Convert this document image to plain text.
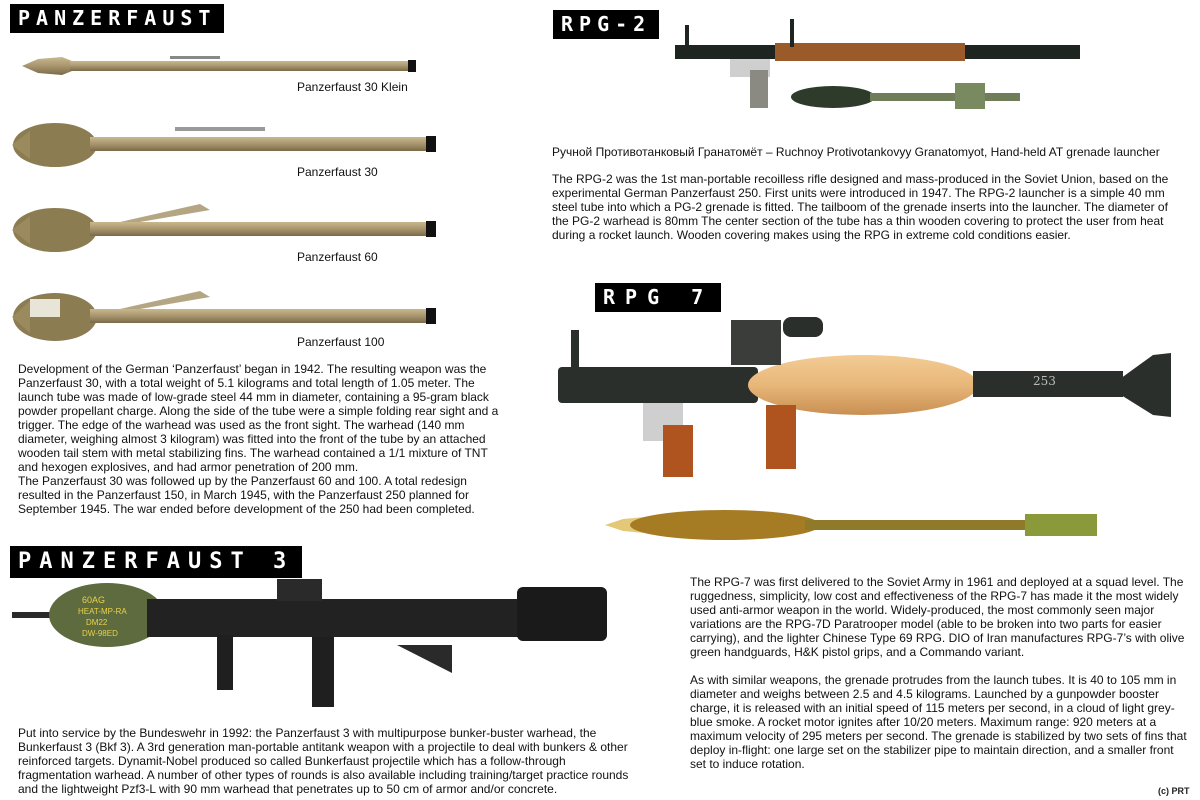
PANZERFAUST
Panzerfaust 30 Klein
Panzerfaust 30
Panzerfaust 60
Panzerfaust 100

Development of the German ‘Panzerfaust’ began in 1942. The resulting weapon was the Panzerfaust 30, with a total weight of 5.1 kilograms and total length of 1.05 meter. The launch tube was made of low-grade steel 44 mm in diameter, containing a 95-gram black powder propellant charge. Along the side of the tube were a simple folding rear sight and a trigger. The edge of the warhead was used as the front sight. The warhead (140 mm diameter, weighing almost 3 kilogram) was fitted into the front of the tube by an attached wooden tail stem with metal stabilizing fins. The warhead contained a 1/1 mixture of TNT and hexogen explosives, and had armor penetration of 200 mm.

The Panzerfaust 30 was followed up by the Panzerfaust 60 and 100. A total redesign resulted in the Panzerfaust 150, in March 1945, with the Panzerfaust 250 planned for September 1945. The war ended before development of the 250 had been completed.

RPG-2
Ручной Противотанковый Гранатомёт – Ruchnoy Protivotankovyy Granatomyot, Hand-held AT grenade launcher
The RPG-2 was the 1st man-portable recoilless rifle designed and mass-produced in the Soviet Union, based on the experimental German Panzerfaust 250. First units were introduced in 1947. The RPG-2 launcher is a simple 40 mm steel tube into which a PG-2 grenade is fitted. The tailboom of the grenade inserts into the launcher. The diameter of the PG-2 warhead is 80mm The center section of the tube has a thin wooden covering to protect the user from heat during a rocket launch. Wooden covering makes using the RPG in extreme cold conditions easier.
RPG 7
253

The RPG-7 was first delivered to the Soviet Army in 1961 and deployed at a squad level. The ruggedness, simplicity, low cost and effectiveness of the RPG-7 has made it the most widely used anti-armor weapon in the world. Widely-produced, the most commonly seen major variations are the RPG-7D Paratrooper model (able to be broken into two parts for easier carrying), and the lighter Chinese Type 69 RPG. DIO of Iran manufactures RPG-7’s with olive green handguards, H&K pistol grips, and a Commando variant.

As with similar weapons, the grenade protrudes from the launch tubes. It is 40 to 105 mm in diameter and weighs between 2.5 and 4.5 kilograms. Launched by a gunpowder booster charge, it is released with an initial speed of 115 meters per second, in a cloud of light grey-blue smoke. A rocket motor ignites after 10/20 meters. Maximum range: 920 meters at a maximum velocity of 295 meters per second. The grenade is stabilized by two sets of fins that deploy in-flight: one large set on the stabilizer pipe to maintain direction, and a smaller front set to induce rotation.

PANZERFAUST 3
60AG
HEAT-MP-RA
DM22
DW-98ED
Put into service by the Bundeswehr in 1992: the Panzerfaust 3 with multipurpose bunker-buster warhead, the Bunkerfaust 3 (Bkf 3). A 3rd generation man-portable antitank weapon with a projectile to deal with bunkers & other reinforced targets. Dynamit-Nobel produced so called Bunkerfaust projectile which has a follow-through fragmentation warhead. A number of other types of rounds is also available including training/target practice rounds and the lightweight Pzf3-L with 90 mm warhead that penetrates up to 50 cm of armor and/or concrete.	(c) PRT
